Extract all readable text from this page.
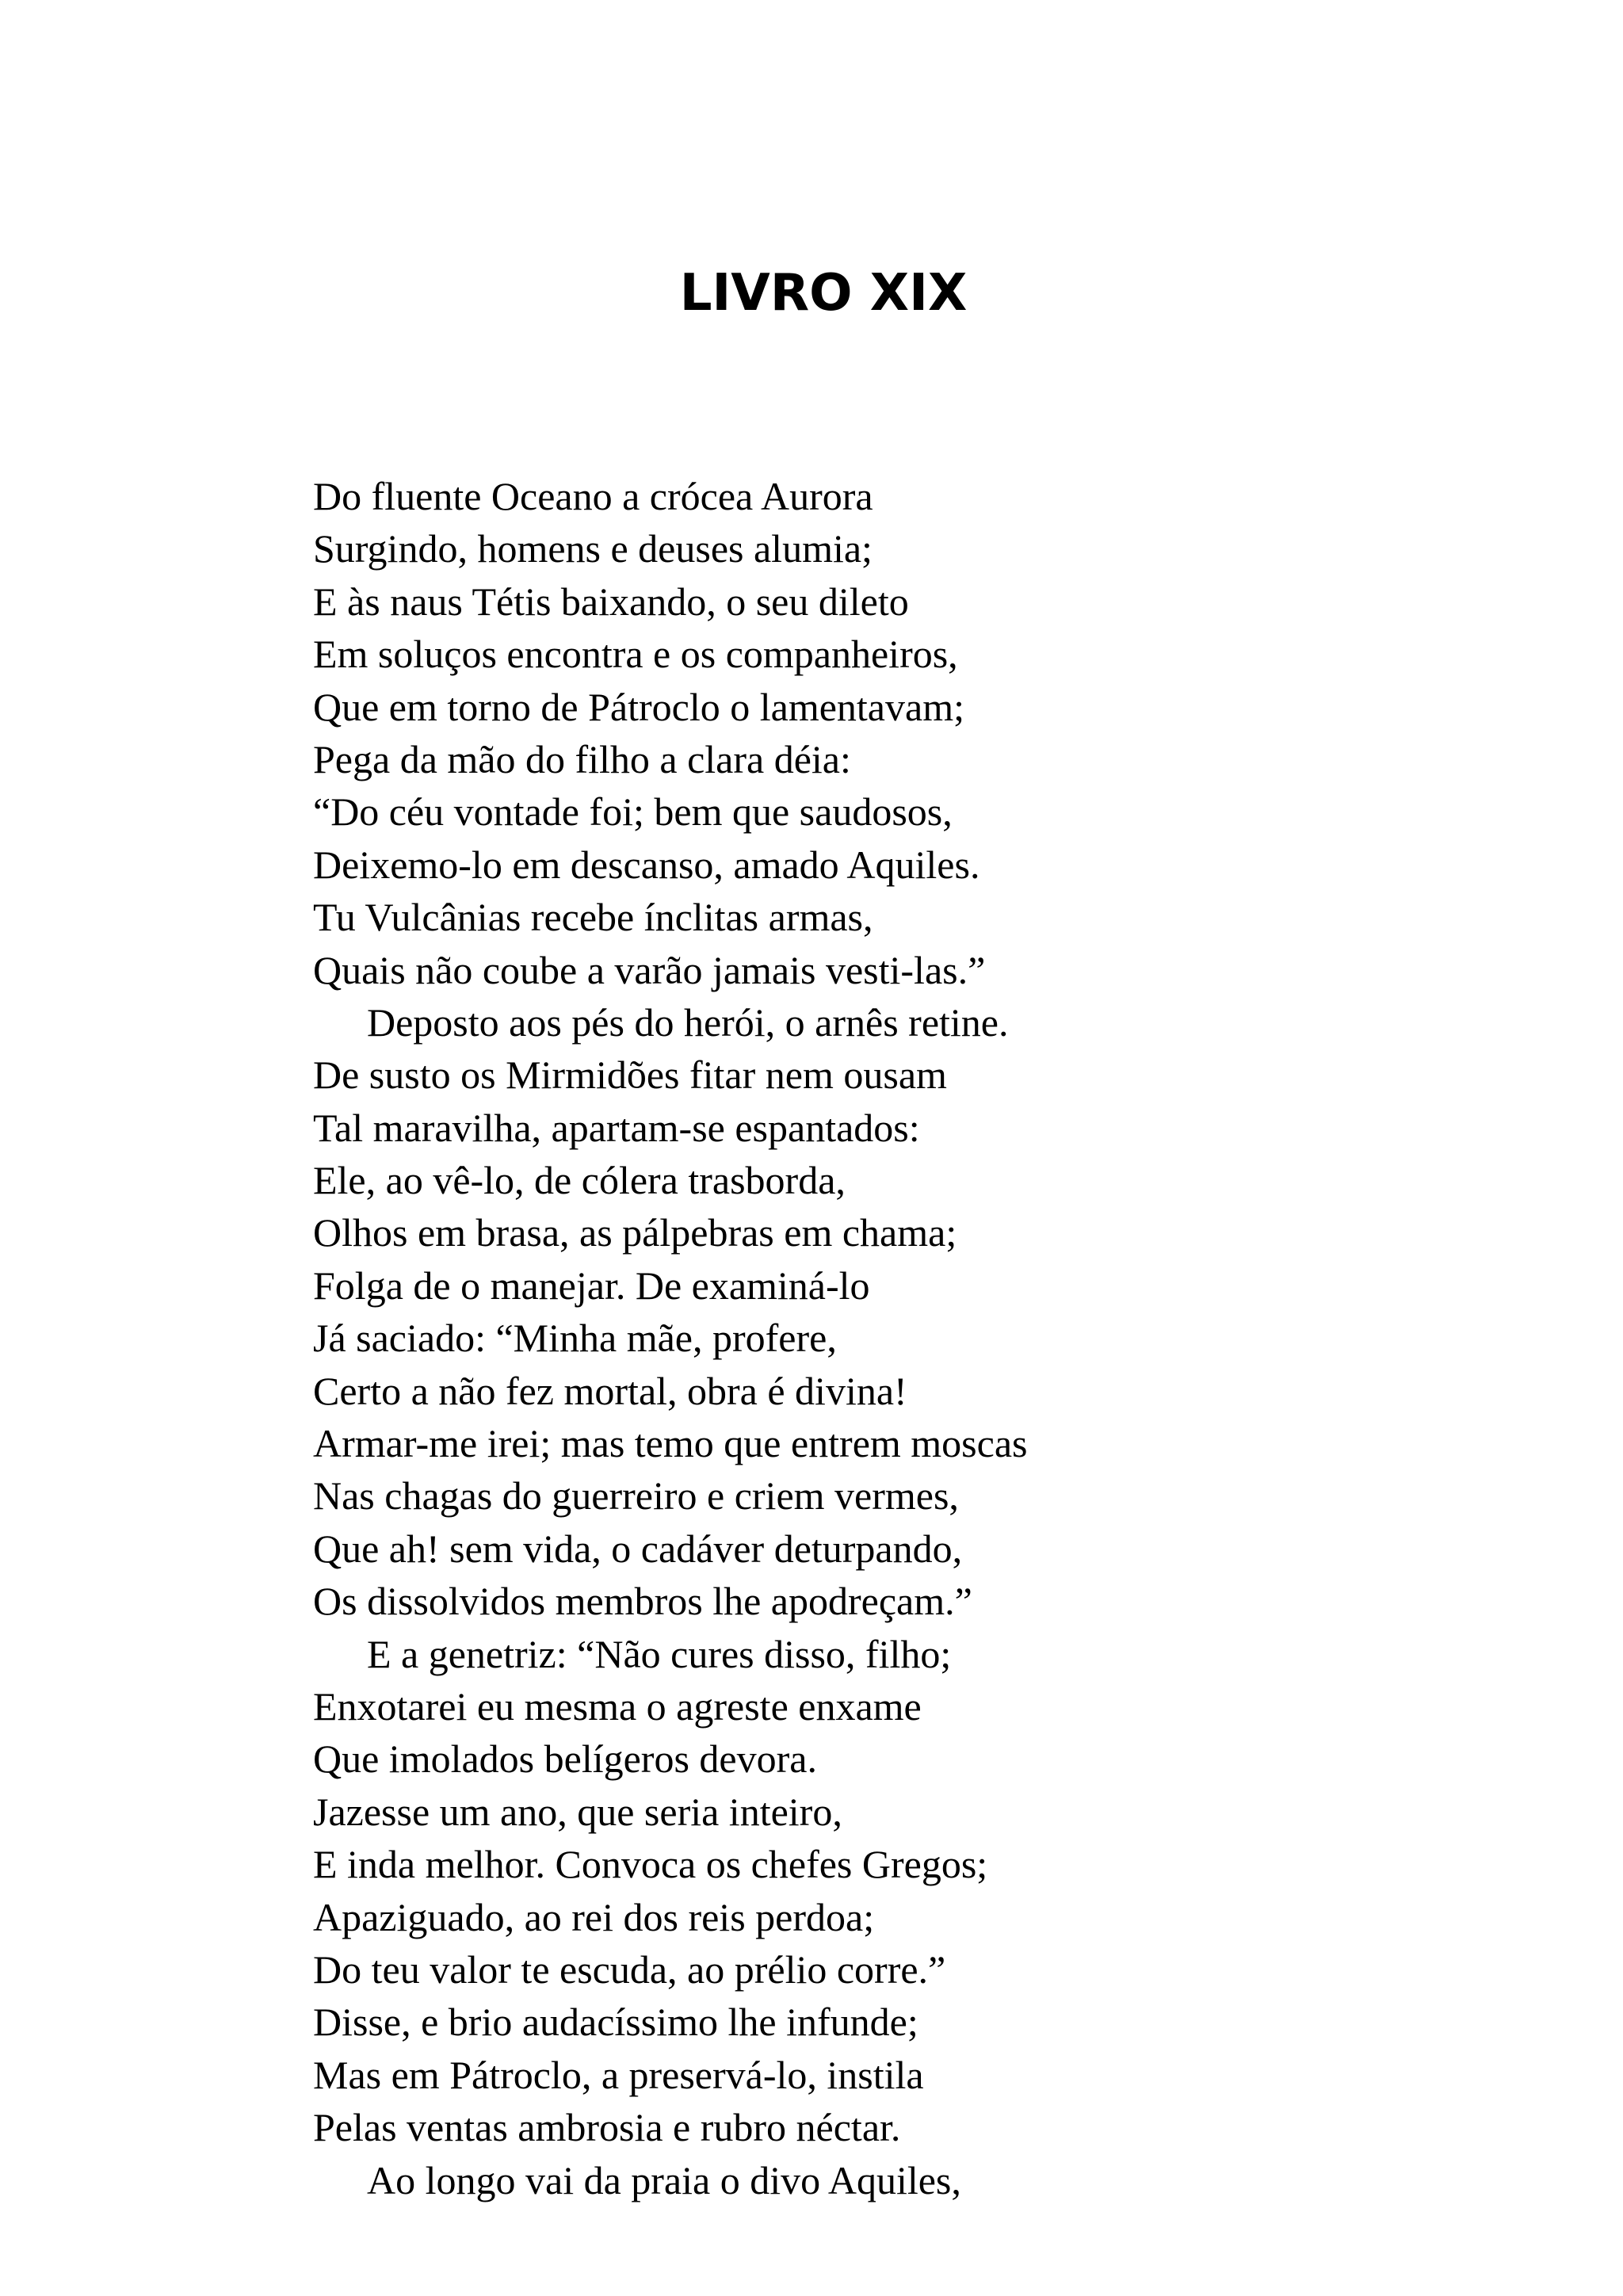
LIVRO XIX
Do fluente Oceano a crócea Aurora
Surgindo, homens e deuses alumia;
E às naus Tétis baixando, o seu dileto
Em soluços encontra e os companheiros,
Que em torno de Pátroclo o lamentavam;
Pega da mão do filho a clara déia:
“Do céu vontade foi; bem que saudosos,
Deixemo-lo em descanso, amado Aquiles.
Tu Vulcânias recebe ínclitas armas,
Quais não coube a varão jamais vesti-las.”
Deposto aos pés do herói, o arnês retine.
De susto os Mirmidões fitar nem ousam
Tal maravilha, apartam-se espantados:
Ele, ao vê-lo, de cólera trasborda,
Olhos em brasa, as pálpebras em chama;
Folga de o manejar. De examiná-lo
Já saciado: “Minha mãe, profere,
Certo a não fez mortal, obra é divina!
Armar-me irei; mas temo que entrem moscas
Nas chagas do guerreiro e criem vermes,
Que ah! sem vida, o cadáver deturpando,
Os dissolvidos membros lhe apodreçam.”
E a genetriz: “Não cures disso, filho;
Enxotarei eu mesma o agreste enxame
Que imolados belígeros devora.
Jazesse um ano, que seria inteiro,
E inda melhor. Convoca os chefes Gregos;
Apaziguado, ao rei dos reis perdoa;
Do teu valor te escuda, ao prélio corre.”
Disse, e brio audacíssimo lhe infunde;
Mas em Pátroclo, a preservá-lo, instila
Pelas ventas ambrosia e rubro néctar.
Ao longo vai da praia o divo Aquiles,
